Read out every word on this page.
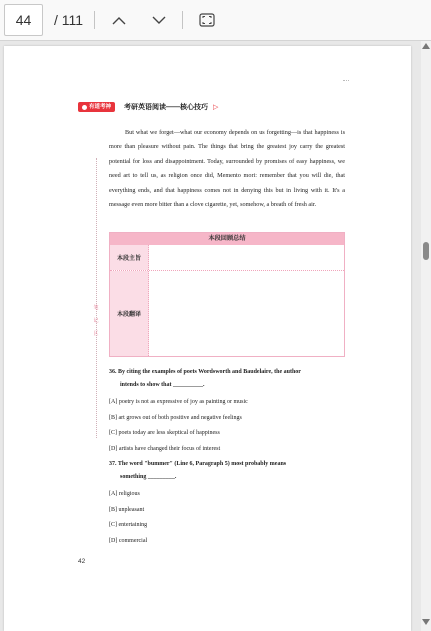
44	/ 111
有道考神 考研英语阅读——核心技巧 ▷
But what we forget—what our economy depends on us forgetting—is that happiness is more than pleasure without pain. The things that bring the greatest joy carry the greatest potential for loss and disappointment. Today, surrounded by promises of easy happiness, we need art to tell us, as religion once did, Memento mori: remember that you will die, that everything ends, and that happiness comes not in denying this but in living with it. It's a message even more bitter than a clove cigarette, yet, somehow, a breath of fresh air.
笔
记
区
本段回顾总结
本段主旨
本段翻译
36. By citing the examples of poets Wordsworth and Baudelaire, the author
intends to show that __________.
[A] poetry is not as expressive of joy as painting or music
[B] art grows out of both positive and negative feelings
[C] poets today are less skeptical of happiness
[D] artists have changed their focus of interest
37. The word "bummer" (Line 6, Paragraph 5) most probably means
something _________.
[A] religious
[B] unpleasant
[C] entertaining
[D] commercial
42
